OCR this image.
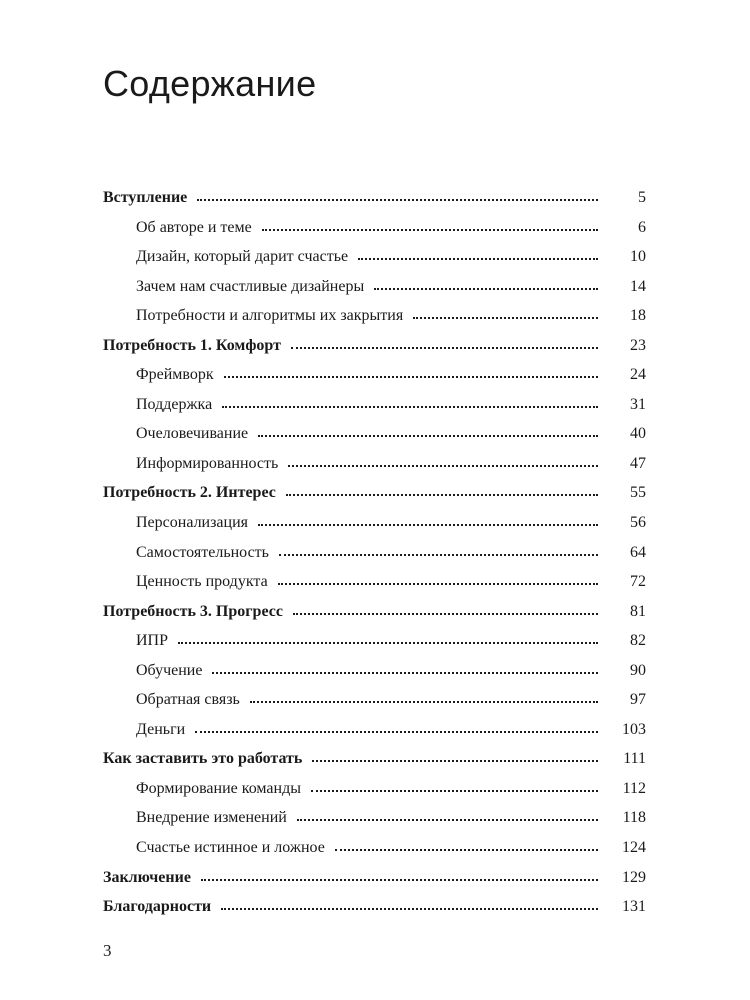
Содержание
Вступление	5
Об авторе и теме	6
Дизайн, который дарит счастье	10
Зачем нам счастливые дизайнеры	14
Потребности и алгоритмы их закрытия	18
Потребность 1. Комфорт	23
Фреймворк	24
Поддержка	31
Очеловечивание	40
Информированность	47
Потребность 2. Интерес	55
Персонализация	56
Самостоятельность	64
Ценность продукта	72
Потребность 3. Прогресс	81
ИПР	82
Обучение	90
Обратная связь	97
Деньги	103
Как заставить это работать	111
Формирование команды	112
Внедрение изменений	118
Счастье истинное и ложное	124
Заключение	129
Благодарности	131
3
